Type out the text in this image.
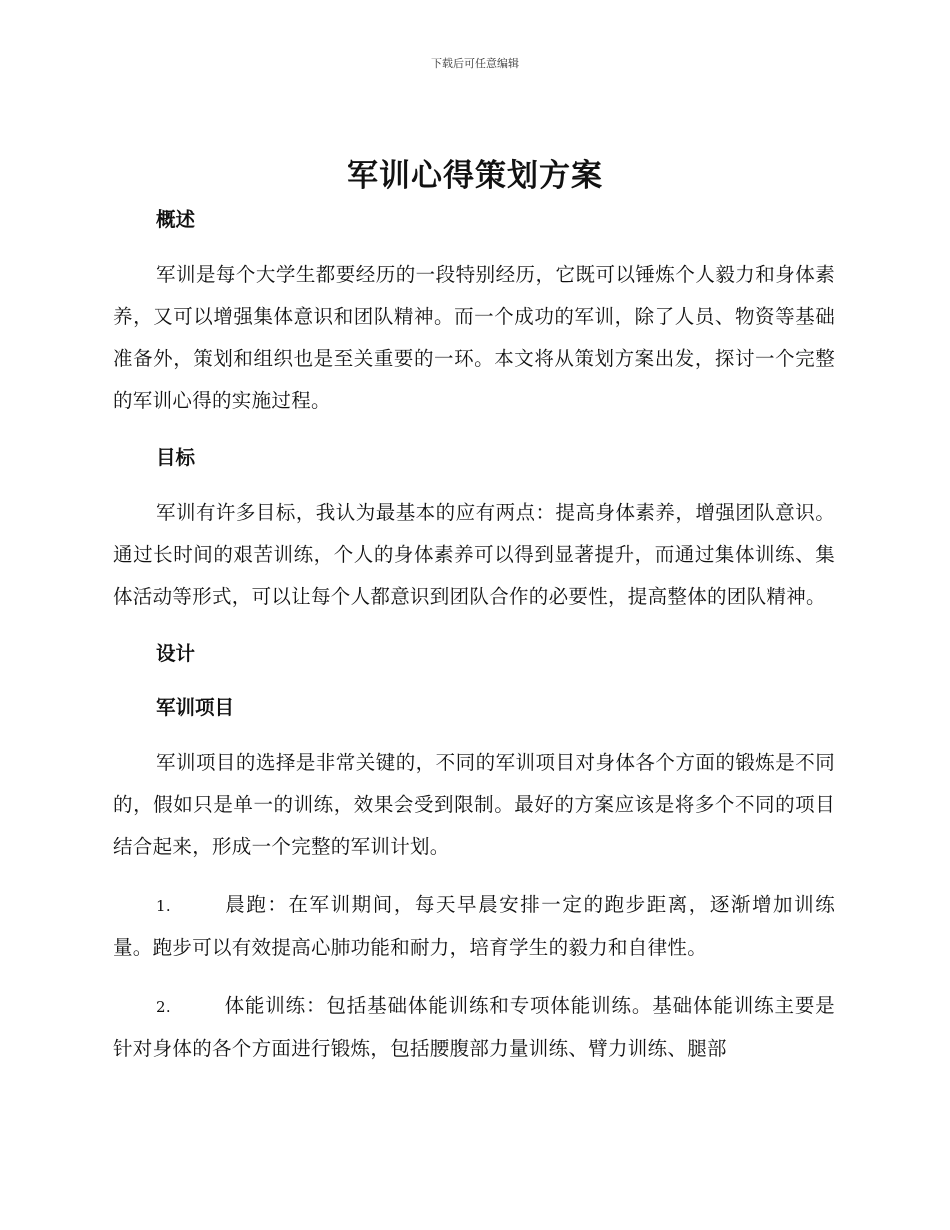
下载后可任意编辑
军训心得策划方案
概述

军训是每个大学生都要经历的一段特别经历，它既可以锤炼个人毅力和身体素养，又可以增强集体意识和团队精神。而一个成功的军训，除了人员、物资等基础准备外，策划和组织也是至关重要的一环。本文将从策划方案出发，探讨一个完整的军训心得的实施过程。

目标

军训有许多目标，我认为最基本的应有两点：提高身体素养，增强团队意识。通过长时间的艰苦训练，个人的身体素养可以得到显著提升，而通过集体训练、集体活动等形式，可以让每个人都意识到团队合作的必要性，提高整体的团队精神。

设计
军训项目

军训项目的选择是非常关键的，不同的军训项目对身体各个方面的锻炼是不同的，假如只是单一的训练，效果会受到限制。最好的方案应该是将多个不同的项目结合起来，形成一个完整的军训计划。

1.	晨跑：在军训期间，每天早晨安排一定的跑步距离，逐渐增加训练量。跑步可以有效提高心肺功能和耐力，培育学生的毅力和自律性。

2.	体能训练：包括基础体能训练和专项体能训练。基础体能训练主要是针对身体的各个方面进行锻炼，包括腰腹部力量训练、臂力训练、腿部
